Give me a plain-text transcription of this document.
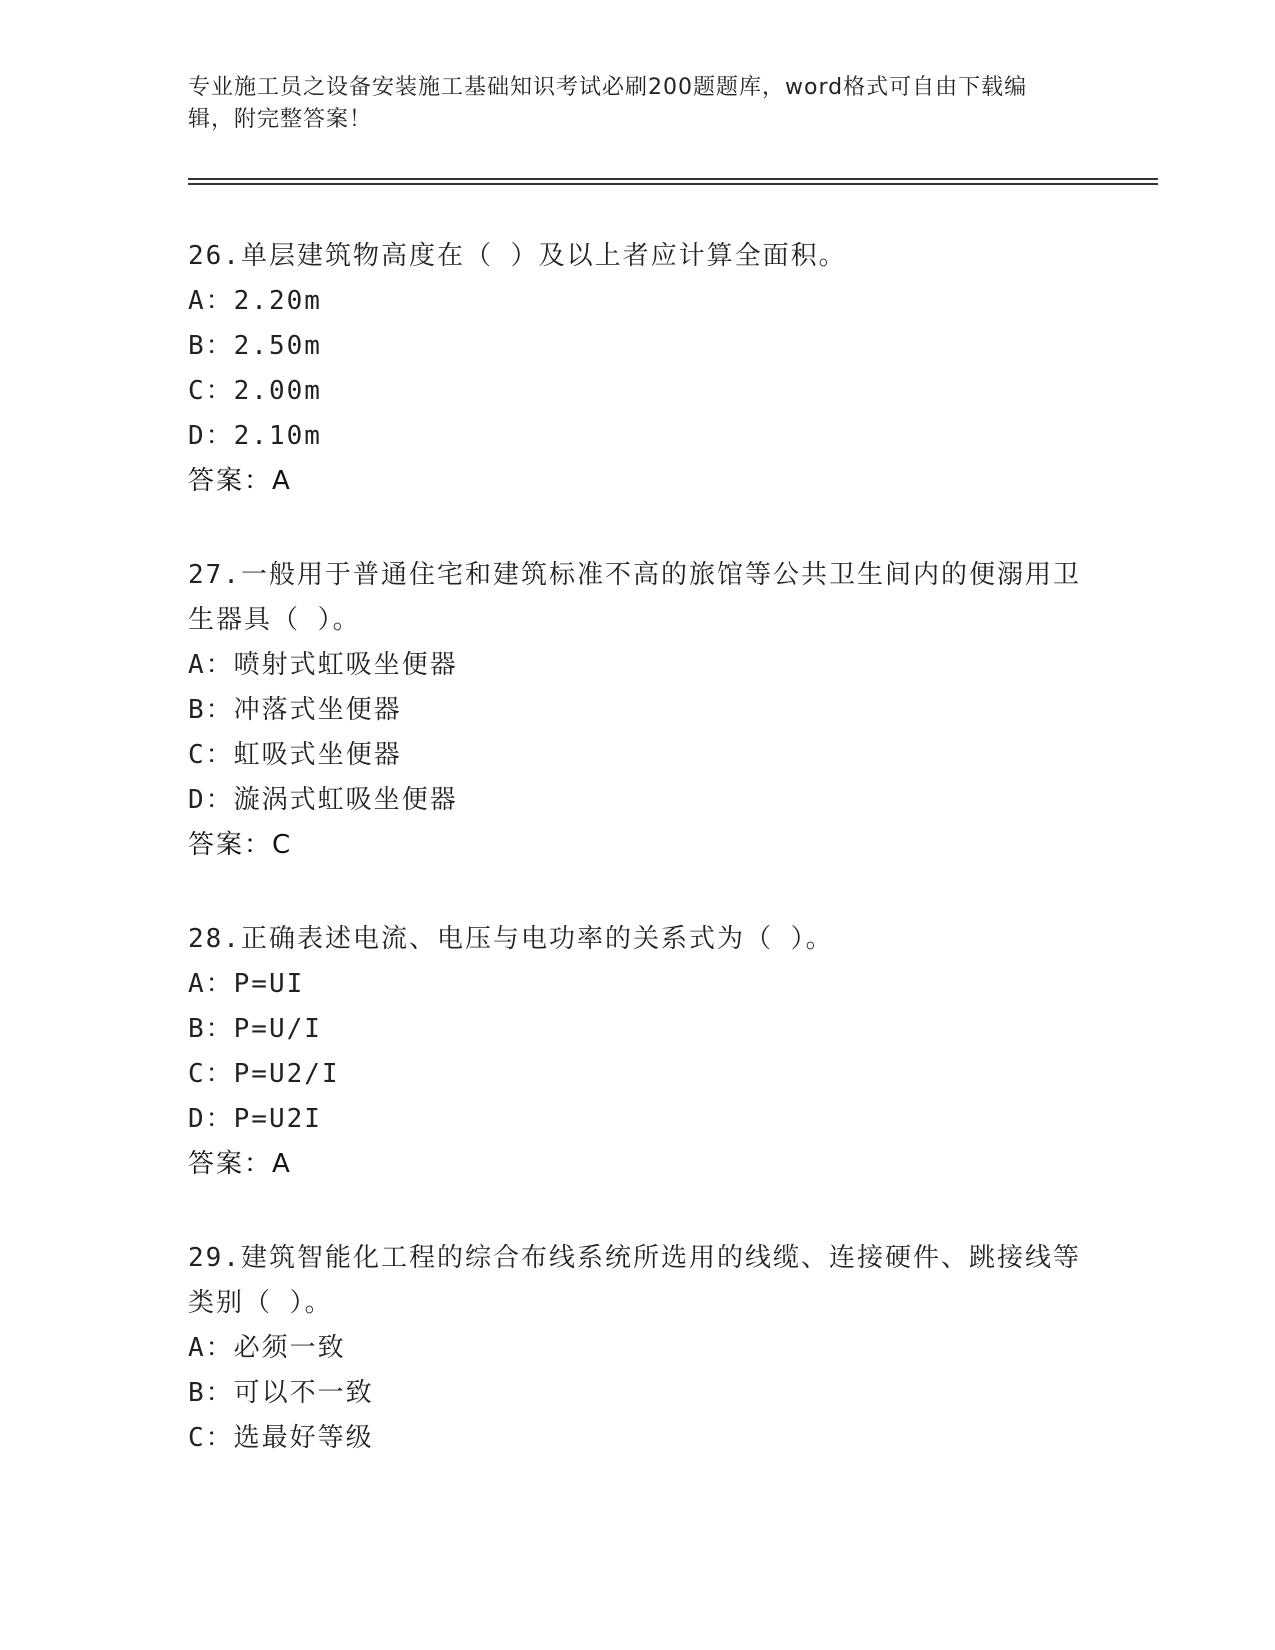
专业施工员之设备安装施工基础知识考试必刷200题题库，word格式可自由下载编辑，附完整答案！

26.单层建筑物高度在（ ）及以上者应计算全面积。

A：2.20m

B：2.50m

C：2.00m

D：2.10m

答案：A

27.一般用于普通住宅和建筑标准不高的旅馆等公共卫生间内的便溺用卫生器具（ ）。

A：喷射式虹吸坐便器

B：冲落式坐便器

C：虹吸式坐便器

D：漩涡式虹吸坐便器

答案：C

28.正确表述电流、电压与电功率的关系式为（ ）。

A：P=UI

B：P=U/I

C：P=U2/I

D：P=U2I

答案：A

29.建筑智能化工程的综合布线系统所选用的线缆、连接硬件、跳接线等类别（ ）。

A：必须一致

B：可以不一致

C：选最好等级
